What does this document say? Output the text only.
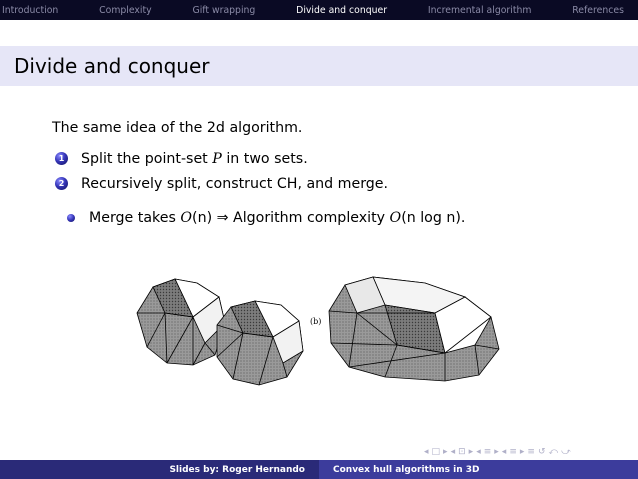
Introduction	Complexity	Gift wrapping	Divide and conquer	Incremental algorithm	References
Divide and conquer
The same idea of the 2d algorithm.
1 Split the point-set P in two sets.
2 Recursively split, construct CH, and merge.
Merge takes O (n) ⇒ Algorithm complexity O (n log n).
(b)
◂ □ ▸ ◂ ⊡ ▸ ◂ ≡ ▸ ◂ ≡ ▸ ≡ ↺ ⤺ ⤻
Slides by: Roger Hernando	Convex hull algorithms in 3D
